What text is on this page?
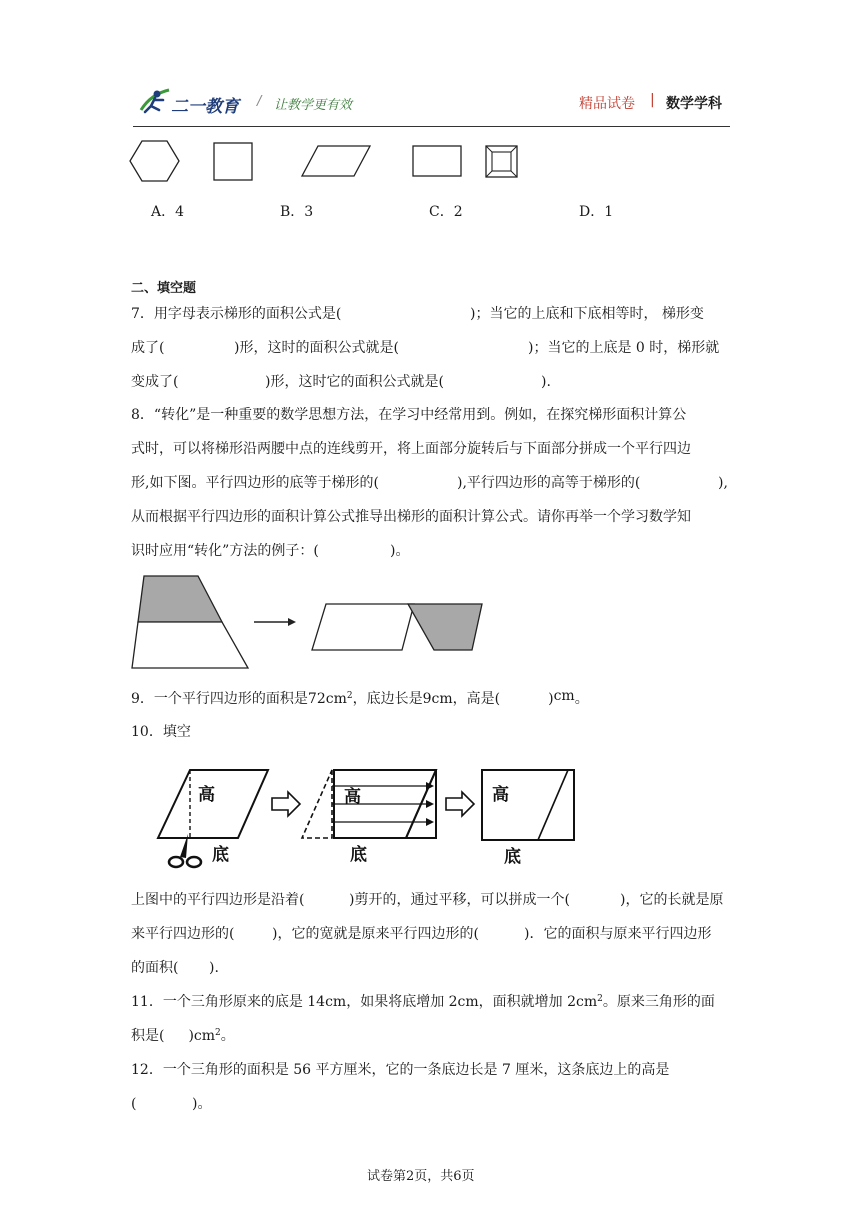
二一教育 / 让教学更有效	精品试卷 | 数学学科
A．4	B．3	C．2	D．1
二、填空题
7．用字母表示梯形的面积公式是(	)；当它的上底和下底相等时， 梯形变
成了(	)形，这时的面积公式就是(	)；当它的上底是 0 时，梯形就
变成了(	)形，这时它的面积公式就是(	).
8．“转化”是一种重要的数学思想方法，在学习中经常用到。例如，在探究梯形面积计算公
式时，可以将梯形沿两腰中点的连线剪开，将上面部分旋转后与下面部分拼成一个平行四边
形,如下图。平行四边形的底等于梯形的(	),平行四边形的高等于梯形的(	),
从而根据平行四边形的面积计算公式推导出梯形的面积计算公式。请你再举一个学习数学知
识时应用“转化”方法的例子：(	)。
9．一个平行四边形的面积是$72cm^2$，底边长是9cm，高是(	)cm。
10．填空
高
底
高
底
高
底
上图中的平行四边形是沿着(	)剪开的，通过平移，可以拼成一个(	)，它的长就是原
来平行四边形的(	)，它的宽就是原来平行四边形的(	)．它的面积与原来平行四边形
的面积( ).
11．一个三角形原来的底是 14cm，如果将底增加 2cm，面积就增加 $2cm^2$。原来三角形的面
积是( )$cm^2$。
12．一个三角形的面积是 56 平方厘米，它的一条底边长是 7 厘米，这条底边上的高是
(	)。
试卷第2页，共6页
